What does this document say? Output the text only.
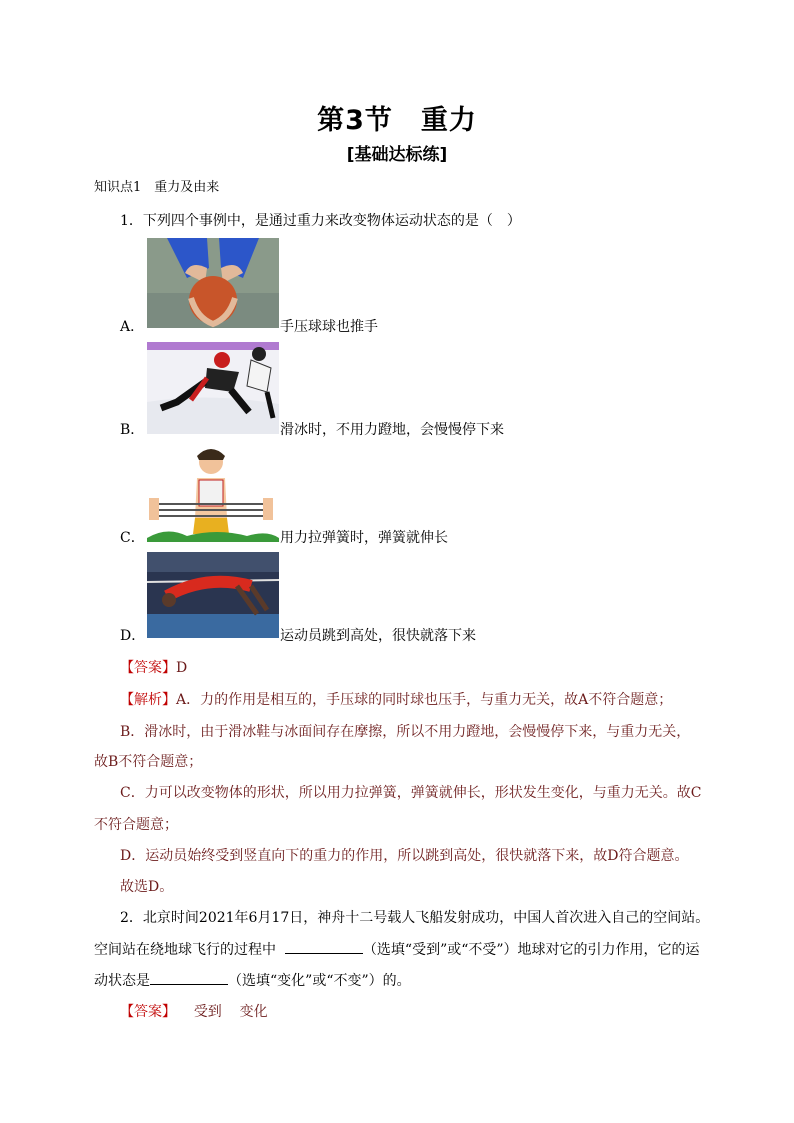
第3节　重力
[基础达标练]
知识点1　重力及由来
1．下列四个事例中，是通过重力来改变物体运动状态的是（　）
A．	手压球球也推手
B．	滑冰时，不用力蹬地，会慢慢停下来
C．	用力拉弹簧时，弹簧就伸长
D．	运动员跳到高处，很快就落下来
【答案】D
【解析】A．力的作用是相互的，手压球的同时球也压手，与重力无关，故A不符合题意；
B．滑冰时，由于滑冰鞋与冰面间存在摩擦，所以不用力蹬地，会慢慢停下来，与重力无关，
故B不符合题意；
C．力可以改变物体的形状，所以用力拉弹簧，弹簧就伸长，形状发生变化，与重力无关。故C
不符合题意；
D．运动员始终受到竖直向下的重力的作用，所以跳到高处，很快就落下来，故D符合题意。
故选D。
2．北京时间2021年6月17日，神舟十二号载人飞船发射成功，中国人首次进入自己的空间站。
空间站在绕地球飞行的过程中	（选填“受到”或“不受”）地球对它的引力作用，它的运
动状态是	（选填“变化”或“不变”）的。
【答案】 受到 变化
